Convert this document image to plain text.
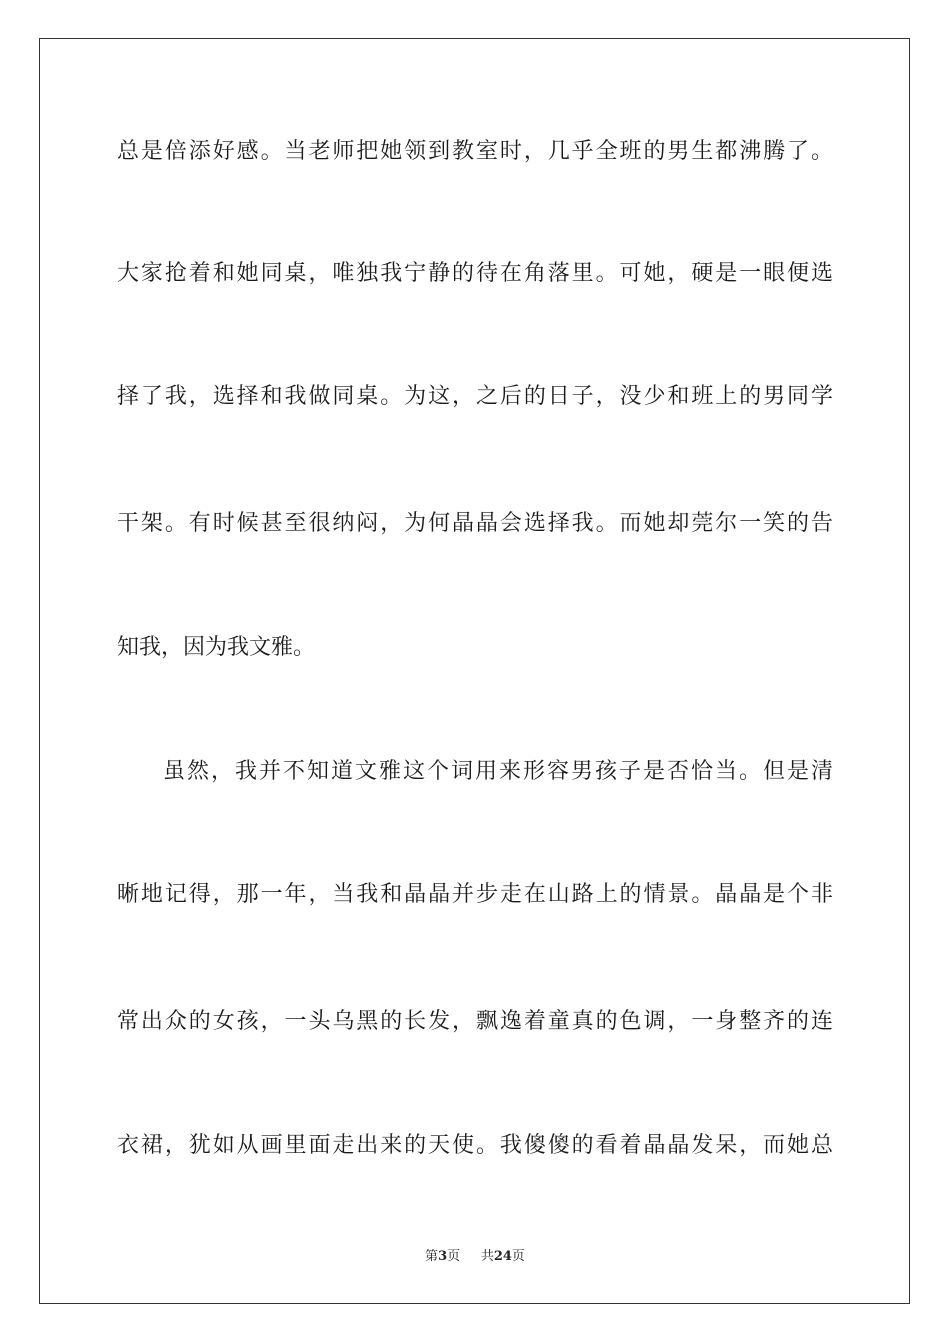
总是倍添好感。当老师把她领到教室时，几乎全班的男生都沸腾了。
大家抢着和她同桌，唯独我宁静的待在角落里。可她，硬是一眼便选
择了我，选择和我做同桌。为这，之后的日子，没少和班上的男同学
干架。有时候甚至很纳闷，为何晶晶会选择我。而她却莞尔一笑的告
知我，因为我文雅。
虽然，我并不知道文雅这个词用来形容男孩子是否恰当。但是清
晰地记得，那一年，当我和晶晶并步走在山路上的情景。晶晶是个非
常出众的女孩，一头乌黑的长发，飘逸着童真的色调，一身整齐的连
衣裙，犹如从画里面走出来的天使。我傻傻的看着晶晶发呆，而她总
第3页 共24页
